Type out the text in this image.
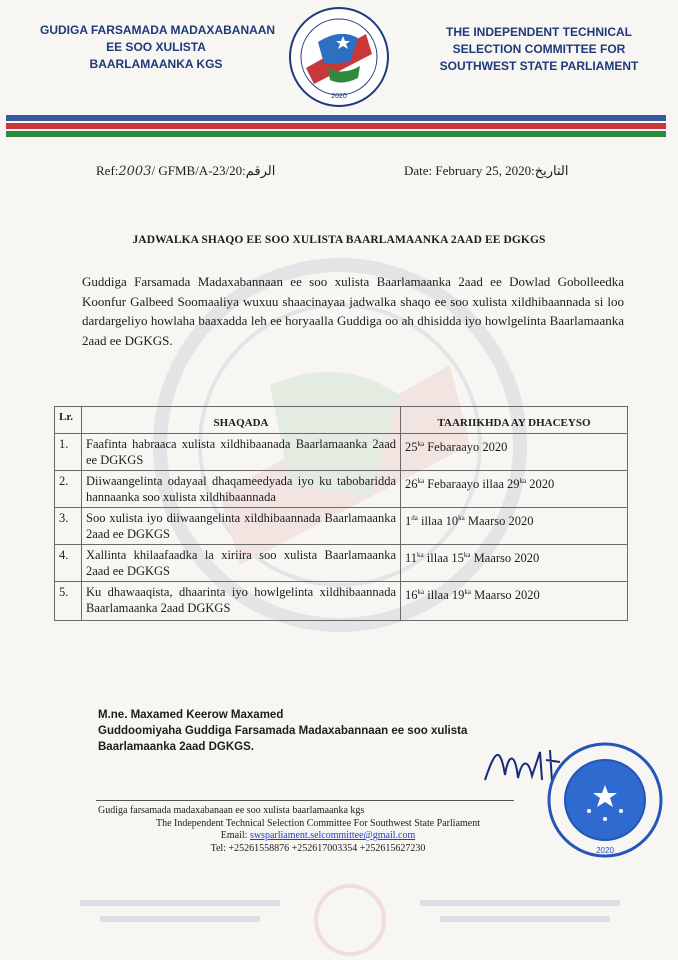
GUDIGA FARSAMADA MADAXABANAAN
EE SOO XULISTA
BAARLAMAANKA KGS
2020
THE INDEPENDENT TECHNICAL
SELECTION COMMITTEE FOR
SOUTHWEST STATE PARLIAMENT
Ref:2003/ GFMB/A-23/20:الرقم	Date: February 25, 2020:التاريخ
JADWALKA SHAQO EE SOO XULISTA BAARLAMAANKA 2AAD EE DGKGS
Guddiga Farsamada Madaxabannaan ee soo xulista Baarlamaanka 2aad ee Dowlad Gobolleedka Koonfur Galbeed Soomaaliya wuxuu shaacinayaa jadwalka shaqo ee soo xulista xildhibaannada si loo dardargeliyo howlaha baaxadda leh ee horyaalla Guddiga oo ah dhisidda iyo howlgelinta Baarlamaanka 2aad ee DGKGS.
Lr.	SHAQADA	TAARIIKHDA AY DHACEYSO
1.	Faafinta habraaca xulista xildhibaanada Baarlamaanka 2aad ee DGKGS	$25^{ka}$ Febaraayo 2020
2.	Diiwaangelinta odayaal dhaqameedyada iyo ku tabobaridda hannaanka soo xulista xildhibaannada	$26^{ka}$ Febaraayo illaa $29^{ka}$ 2020
3.	Soo xulista iyo diiwaangelinta xildhibaannada Baarlamaanka 2aad ee DGKGS	$1^{da}$ illaa $10^{ka}$ Maarso 2020
4.	Xallinta khilaafaadka la xiriira soo xulista Baarlamaanka 2aad ee DGKGS	$11^{ka}$ illaa $15^{ka}$ Maarso 2020
5.	Ku dhawaaqista, dhaarinta iyo howlgelinta xildhibaannada Baarlamaanka 2aad DGKGS	$16^{ka}$ illaa $19^{ka}$ Maarso 2020
M.ne. Maxamed Keerow Maxamed
Guddoomiyaha Guddiga Farsamada Madaxabannaan ee soo xulista
Baarlamaanka 2aad DGKGS.
2020
Gudiga farsamada madaxabanaan ee soo xulista baarlamaanka kgs
The Independent Technical Selection Committee For Southwest State Parliament
Email: swsparliament.selcommittee@gmail.com
Tel: +25261558876 +252617003354 +252615627230
